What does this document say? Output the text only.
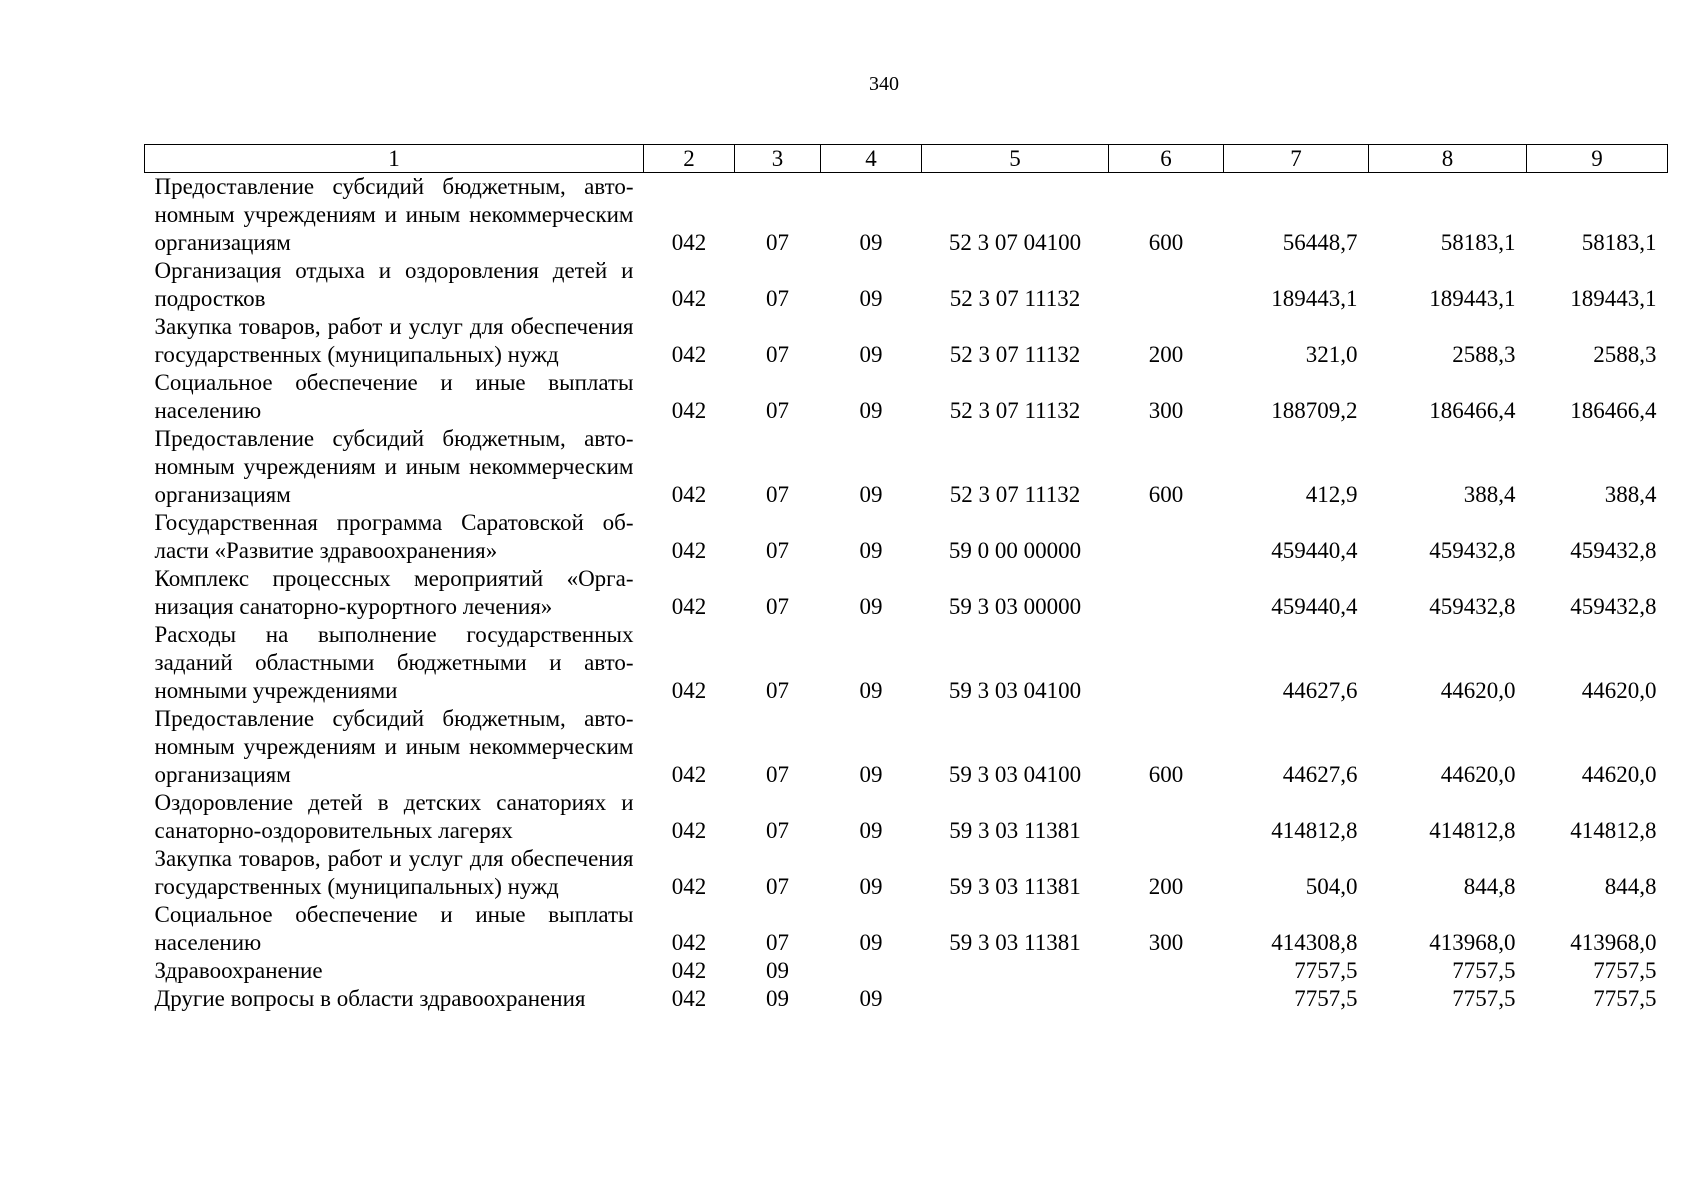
340
1	2	3	4	5	6	7	8	9
Предоставление субсидий бюджетным, автономным учреждениям и иным некоммерческим организациям	042	07	09	52 3 07 04100	600	56448,7	58183,1	58183,1
Организация отдыха и оздоровления детей и подростков	042	07	09	52 3 07 11132		189443,1	189443,1	189443,1
Закупка товаров, работ и услуг для обеспечения государственных (муниципальных) нужд	042	07	09	52 3 07 11132	200	321,0	2588,3	2588,3
Социальное обеспечение и иные выплаты населению	042	07	09	52 3 07 11132	300	188709,2	186466,4	186466,4
Предоставление субсидий бюджетным, автономным учреждениям и иным некоммерческим организациям	042	07	09	52 3 07 11132	600	412,9	388,4	388,4
Государственная программа Саратовской области «Развитие здравоохранения»	042	07	09	59 0 00 00000		459440,4	459432,8	459432,8
Комплекс процессных мероприятий «Организация санаторно-курортного лечения»	042	07	09	59 3 03 00000		459440,4	459432,8	459432,8
Расходы на выполнение государственных заданий областными бюджетными и автономными учреждениями	042	07	09	59 3 03 04100		44627,6	44620,0	44620,0
Предоставление субсидий бюджетным, автономным учреждениям и иным некоммерческим организациям	042	07	09	59 3 03 04100	600	44627,6	44620,0	44620,0
Оздоровление детей в детских санаториях и санаторно-оздоровительных лагерях	042	07	09	59 3 03 11381		414812,8	414812,8	414812,8
Закупка товаров, работ и услуг для обеспечения государственных (муниципальных) нужд	042	07	09	59 3 03 11381	200	504,0	844,8	844,8
Социальное обеспечение и иные выплаты населению	042	07	09	59 3 03 11381	300	414308,8	413968,0	413968,0
Здравоохранение	042	09				7757,5	7757,5	7757,5
Другие вопросы в области здравоохранения	042	09	09			7757,5	7757,5	7757,5
